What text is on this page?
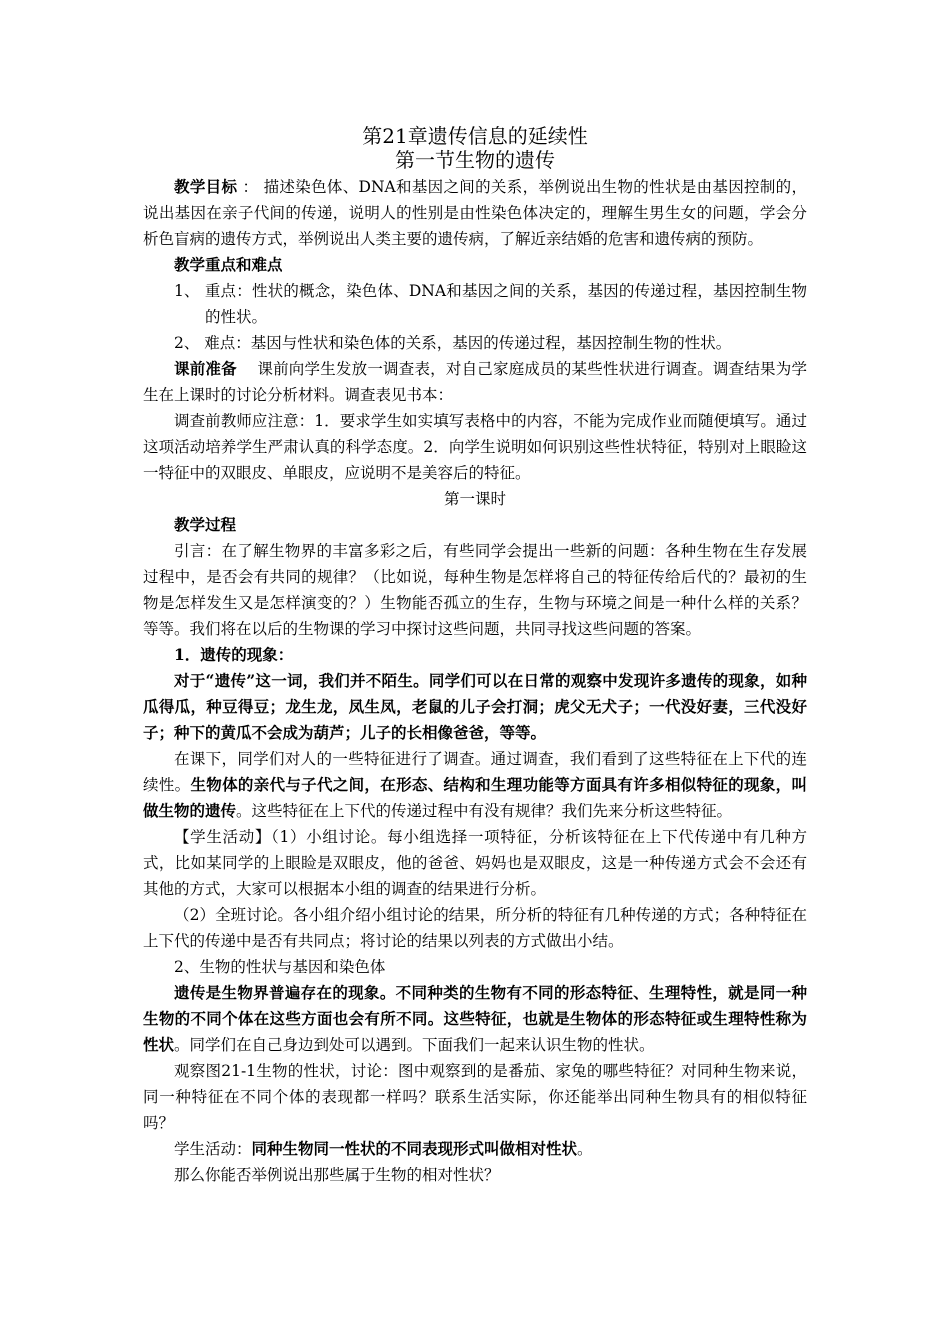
第21章遗传信息的延续性

第一节生物的遗传

教学目标 ： 描述染色体、DNA和基因之间的关系，举例说出生物的性状是由基因控制的，说出基因在亲子代间的传递，说明人的性别是由性染色体决定的，理解生男生女的问题，学会分析色盲病的遗传方式，举例说出人类主要的遗传病，了解近亲结婚的危害和遗传病的预防。

教学重点和难点

1、 重点：性状的概念，染色体、DNA和基因之间的关系，基因的传递过程，基因控制生物的性状。

2、 难点：基因与性状和染色体的关系，基因的传递过程，基因控制生物的性状。

课前准备 课前向学生发放一调查表，对自己家庭成员的某些性状进行调查。调查结果为学生在上课时的讨论分析材料。调查表见书本：

调查前教师应注意：1．要求学生如实填写表格中的内容，不能为完成作业而随便填写。通过这项活动培养学生严肃认真的科学态度。2．向学生说明如何识别这些性状特征，特别对上眼睑这一特征中的双眼皮、单眼皮，应说明不是美容后的特征。

第一课时

教学过程

引言：在了解生物界的丰富多彩之后，有些同学会提出一些新的问题：各种生物在生存发展过程中，是否会有共同的规律？（比如说，每种生物是怎样将自己的特征传给后代的？最初的生物是怎样发生又是怎样演变的？）生物能否孤立的生存，生物与环境之间是一种什么样的关系？等等。我们将在以后的生物课的学习中探讨这些问题，共同寻找这些问题的答案。

1．遗传的现象：

对于“遗传”这一词，我们并不陌生。同学们可以在日常的观察中发现许多遗传的现象，如种瓜得瓜，种豆得豆；龙生龙，凤生凤，老鼠的儿子会打洞；虎父无犬子；一代没好妻，三代没好子；种下的黄瓜不会成为葫芦；儿子的长相像爸爸，等等。

在课下，同学们对人的一些特征进行了调查。通过调查，我们看到了这些特征在上下代的连续性。生物体的亲代与子代之间，在形态、结构和生理功能等方面具有许多相似特征的现象，叫做生物的遗传。这些特征在上下代的传递过程中有没有规律？我们先来分析这些特征。

【学生活动】（1）小组讨论。每小组选择一项特征，分析该特征在上下代传递中有几种方式，比如某同学的上眼睑是双眼皮，他的爸爸、妈妈也是双眼皮，这是一种传递方式会不会还有其他的方式，大家可以根据本小组的调查的结果进行分析。

（2）全班讨论。各小组介绍小组讨论的结果，所分析的特征有几种传递的方式；各种特征在上下代的传递中是否有共同点；将讨论的结果以列表的方式做出小结。

2、生物的性状与基因和染色体

遗传是生物界普遍存在的现象。不同种类的生物有不同的形态特征、生理特性，就是同一种生物的不同个体在这些方面也会有所不同。这些特征，也就是生物体的形态特征或生理特性称为性状。同学们在自己身边到处可以遇到。下面我们一起来认识生物的性状。

观察图21-1生物的性状，讨论：图中观察到的是番茄、家兔的哪些特征？对同种生物来说，同一种特征在不同个体的表现都一样吗？联系生活实际，你还能举出同种生物具有的相似特征吗？

学生活动：同种生物同一性状的不同表现形式叫做相对性状。

那么你能否举例说出那些属于生物的相对性状？
